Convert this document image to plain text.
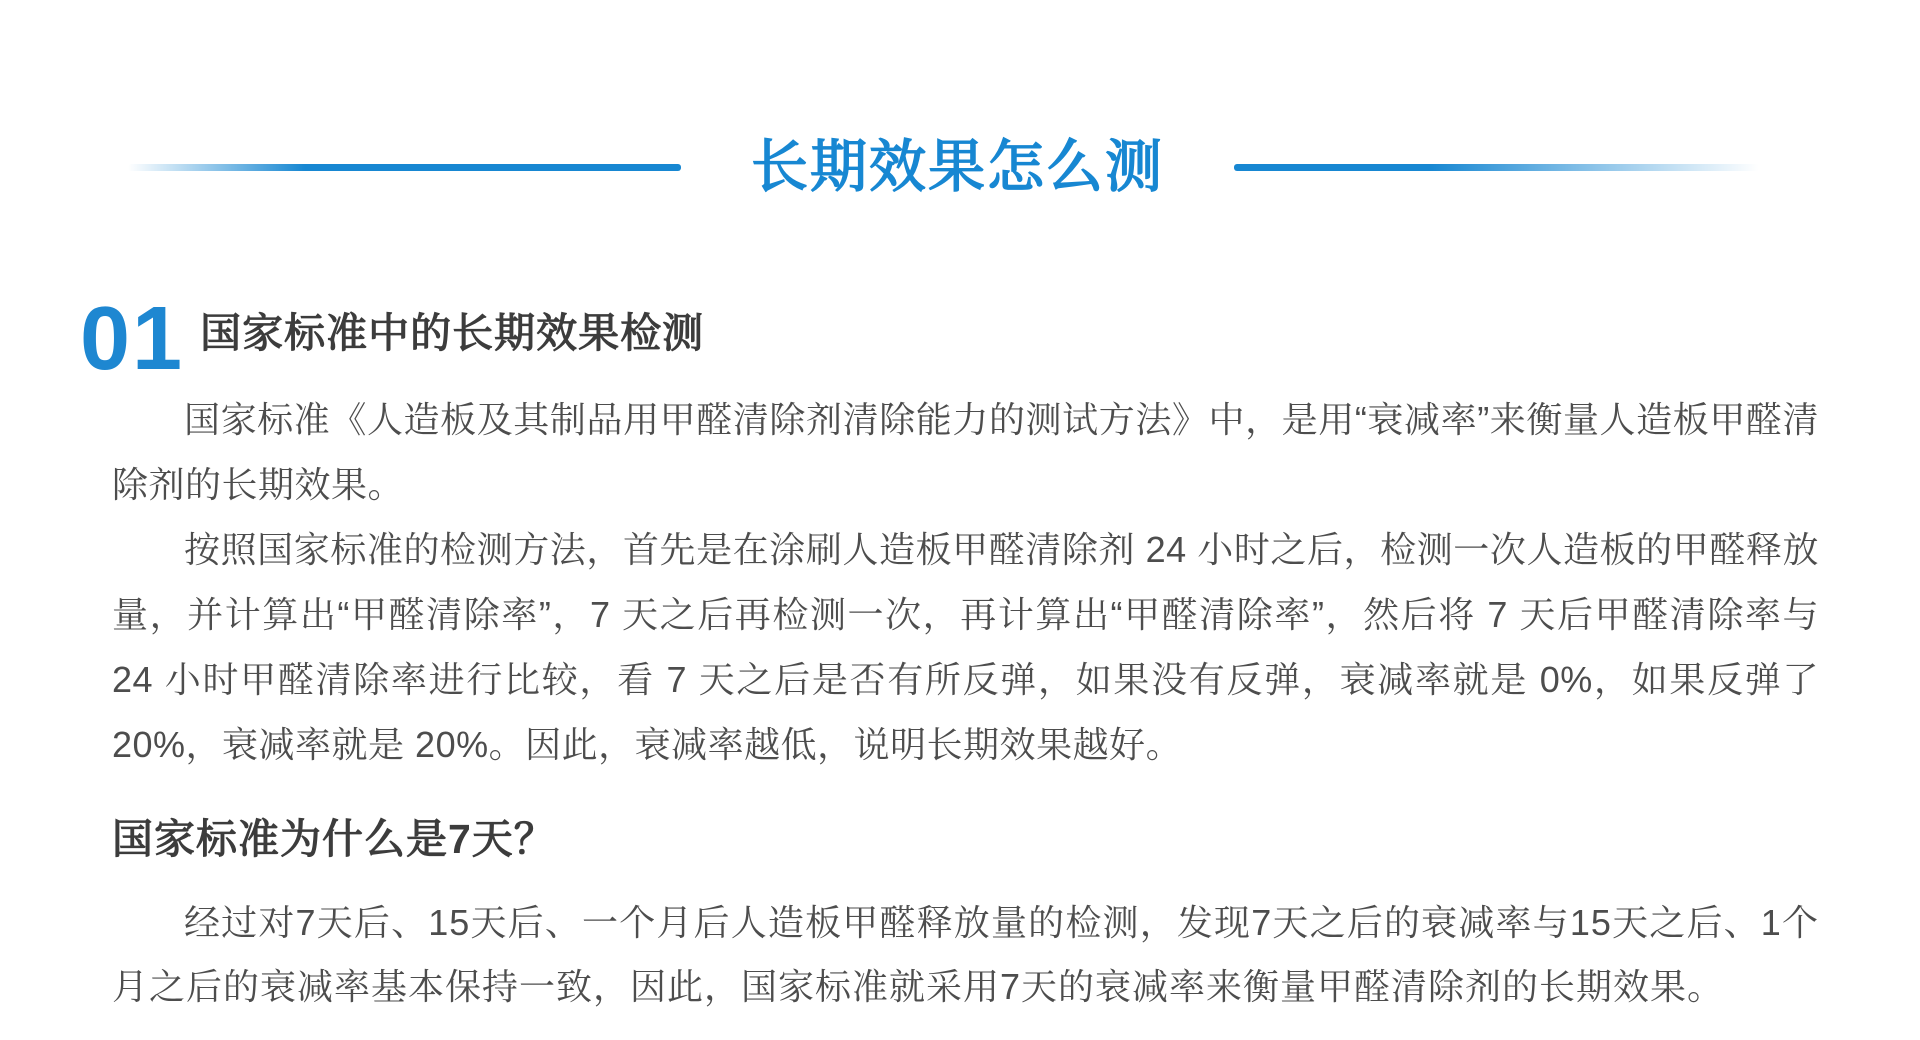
长期效果怎么测
01 国家标准中的长期效果检测

国家标准《人造板及其制品用甲醛清除剂清除能力的测试方法》中，是用“衰减率”来衡量人造板甲醛清除剂的长期效果。

按照国家标准的检测方法，首先是在涂刷人造板甲醛清除剂 24 小时之后，检测一次人造板的甲醛释放量，并计算出“甲醛清除率”，7 天之后再检测一次，再计算出“甲醛清除率”，然后将 7 天后甲醛清除率与 24 小时甲醛清除率进行比较，看 7 天之后是否有所反弹，如果没有反弹，衰减率就是 0%，如果反弹了 20%，衰减率就是 20%。因此，衰减率越低，说明长期效果越好。

国家标准为什么是7天？

经过对7天后、15天后、一个月后人造板甲醛释放量的检测，发现7天之后的衰减率与15天之后、1个月之后的衰减率基本保持一致，因此，国家标准就采用7天的衰减率来衡量甲醛清除剂的长期效果。
